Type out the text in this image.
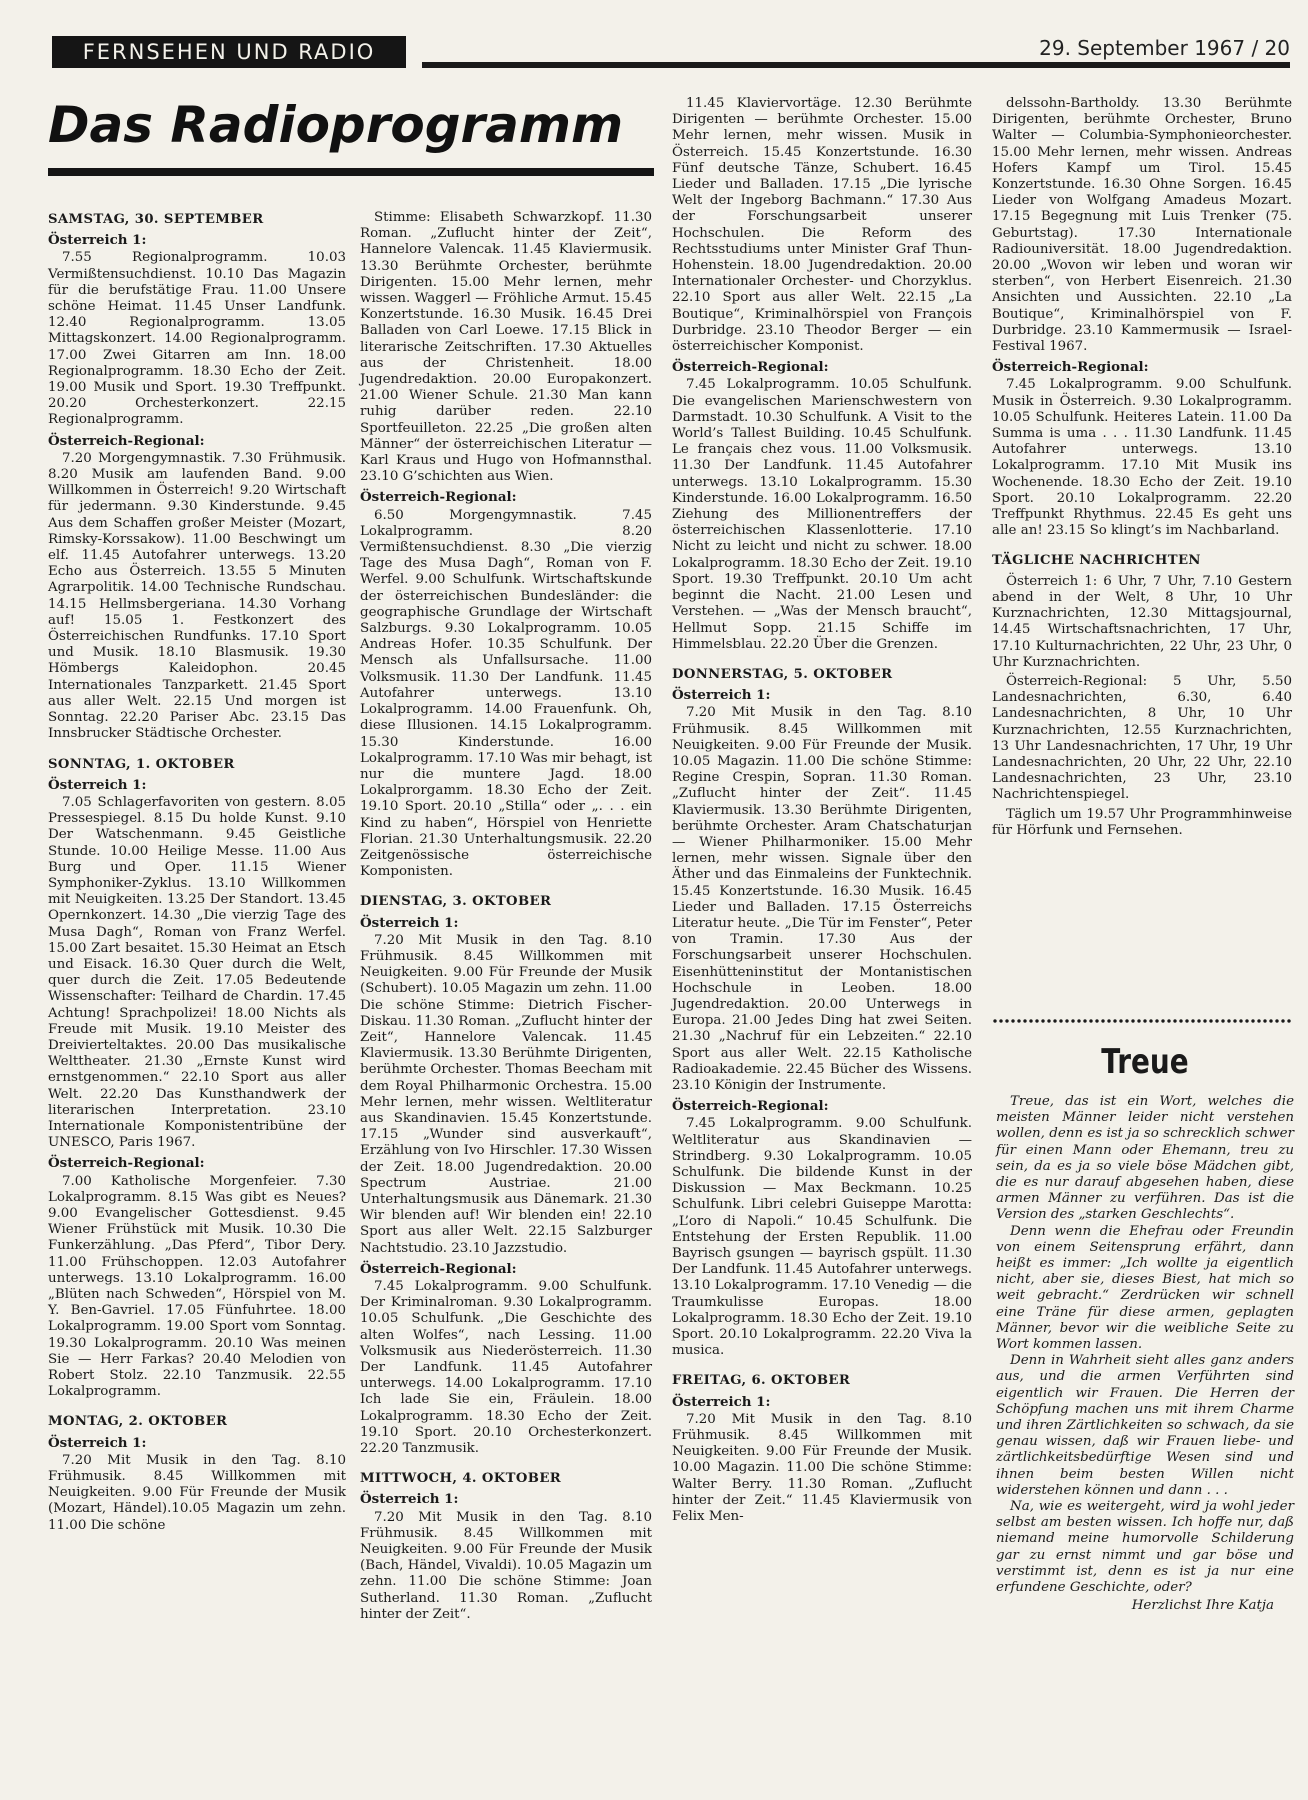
FERNSEHEN UND RADIO	29. September 1967 / 20
Das Radioprogramm
SAMSTAG, 30. SEPTEMBER
Österreich 1:

7.55 Regionalprogramm. 10.03 Vermißtensuchdienst. 10.10 Das Magazin für die berufstätige Frau. 11.00 Unsere schöne Heimat. 11.45 Unser Landfunk. 12.40 Regionalprogramm. 13.05 Mittagskonzert. 14.00 Regionalprogramm. 17.00 Zwei Gitarren am Inn. 18.00 Regionalprogramm. 18.30 Echo der Zeit. 19.00 Musik und Sport. 19.30 Treffpunkt. 20.20 Orchesterkonzert. 22.15 Regionalprogramm.

Österreich-Regional:

7.20 Morgengymnastik. 7.30 Frühmusik. 8.20 Musik am laufenden Band. 9.00 Willkommen in Österreich! 9.20 Wirtschaft für jedermann. 9.30 Kinderstunde. 9.45 Aus dem Schaffen großer Meister (Mozart, Rimsky-Korssakow). 11.00 Beschwingt um elf. 11.45 Autofahrer unterwegs. 13.20 Echo aus Österreich. 13.55 5 Minuten Agrarpolitik. 14.00 Technische Rundschau. 14.15 Hellmsbergeriana. 14.30 Vorhang auf! 15.05 1. Festkonzert des Österreichischen Rundfunks. 17.10 Sport und Musik. 18.10 Blasmusik. 19.30 Hömbergs Kaleidophon. 20.45 Internationales Tanzparkett. 21.45 Sport aus aller Welt. 22.15 Und morgen ist Sonntag. 22.20 Pariser Abc. 23.15 Das Innsbrucker Städtische Orchester.

SONNTAG, 1. OKTOBER
Österreich 1:

7.05 Schlagerfavoriten von gestern. 8.05 Pressespiegel. 8.15 Du holde Kunst. 9.10 Der Watschenmann. 9.45 Geistliche Stunde. 10.00 Heilige Messe. 11.00 Aus Burg und Oper. 11.15 Wiener Symphoniker-Zyklus. 13.10 Willkommen mit Neuigkeiten. 13.25 Der Standort. 13.45 Opernkonzert. 14.30 „Die vierzig Tage des Musa Dagh“, Roman von Franz Werfel. 15.00 Zart besaitet. 15.30 Heimat an Etsch und Eisack. 16.30 Quer durch die Welt, quer durch die Zeit. 17.05 Bedeutende Wissenschafter: Teilhard de Chardin. 17.45 Achtung! Sprachpolizei! 18.00 Nichts als Freude mit Musik. 19.10 Meister des Dreivierteltaktes. 20.00 Das musikalische Welttheater. 21.30 „Ernste Kunst wird ernstgenommen.“ 22.10 Sport aus aller Welt. 22.20 Das Kunsthandwerk der literarischen Interpretation. 23.10 Internationale Komponistentribüne der UNESCO, Paris 1967.

Österreich-Regional:

7.00 Katholische Morgenfeier. 7.30 Lokalprogramm. 8.15 Was gibt es Neues? 9.00 Evangelischer Gottesdienst. 9.45 Wiener Frühstück mit Musik. 10.30 Die Funkerzählung. „Das Pferd“, Tibor Dery. 11.00 Frühschoppen. 12.03 Autofahrer unterwegs. 13.10 Lokalprogramm. 16.00 „Blüten nach Schweden“, Hörspiel von M. Y. Ben-Gavriel. 17.05 Fünfuhrtee. 18.00 Lokalprogramm. 19.00 Sport vom Sonntag. 19.30 Lokalprogramm. 20.10 Was meinen Sie — Herr Farkas? 20.40 Melodien von Robert Stolz. 22.10 Tanzmusik. 22.55 Lokalprogramm.

MONTAG, 2. OKTOBER
Österreich 1:

7.20 Mit Musik in den Tag. 8.10 Frühmusik. 8.45 Willkommen mit Neuigkeiten. 9.00 Für Freunde der Musik (Mozart, Händel).10.05 Magazin um zehn. 11.00 Die schöne

Stimme: Elisabeth Schwarzkopf. 11.30 Roman. „Zuflucht hinter der Zeit“, Hannelore Valencak. 11.45 Klaviermusik. 13.30 Berühmte Orchester, berühmte Dirigenten. 15.00 Mehr lernen, mehr wissen. Waggerl — Fröhliche Armut. 15.45 Konzertstunde. 16.30 Musik. 16.45 Drei Balladen von Carl Loewe. 17.15 Blick in literarische Zeitschriften. 17.30 Aktuelles aus der Christenheit. 18.00 Jugendredaktion. 20.00 Europakonzert. 21.00 Wiener Schule. 21.30 Man kann ruhig darüber reden. 22.10 Sportfeuilleton. 22.25 „Die großen alten Männer“ der österreichischen Literatur — Karl Kraus und Hugo von Hofmannsthal. 23.10 G’schichten aus Wien.

Österreich-Regional:

6.50 Morgengymnastik. 7.45 Lokalprogramm. 8.20 Vermißtensuchdienst. 8.30 „Die vierzig Tage des Musa Dagh“, Roman von F. Werfel. 9.00 Schulfunk. Wirtschaftskunde der österreichischen Bundesländer: die geographische Grundlage der Wirtschaft Salzburgs. 9.30 Lokalprogramm. 10.05 Andreas Hofer. 10.35 Schulfunk. Der Mensch als Unfallsursache. 11.00 Volksmusik. 11.30 Der Landfunk. 11.45 Autofahrer unterwegs. 13.10 Lokalprogramm. 14.00 Frauenfunk. Oh, diese Illusionen. 14.15 Lokalprogramm. 15.30 Kinderstunde. 16.00 Lokalprogramm. 17.10 Was mir behagt, ist nur die muntere Jagd. 18.00 Lokalprorgamm. 18.30 Echo der Zeit. 19.10 Sport. 20.10 „Stilla“ oder „. . . ein Kind zu haben“, Hörspiel von Henriette Florian. 21.30 Unterhaltungsmusik. 22.20 Zeitgenössische österreichische Komponisten.

DIENSTAG, 3. OKTOBER
Österreich 1:

7.20 Mit Musik in den Tag. 8.10 Frühmusik. 8.45 Willkommen mit Neuigkeiten. 9.00 Für Freunde der Musik (Schubert). 10.05 Magazin um zehn. 11.00 Die schöne Stimme: Dietrich Fischer-Diskau. 11.30 Roman. „Zuflucht hinter der Zeit“, Hannelore Valencak. 11.45 Klaviermusik. 13.30 Berühmte Dirigenten, berühmte Orchester. Thomas Beecham mit dem Royal Philharmonic Orchestra. 15.00 Mehr lernen, mehr wissen. Weltliteratur aus Skandinavien. 15.45 Konzertstunde. 17.15 „Wunder sind ausverkauft“, Erzählung von Ivo Hirschler. 17.30 Wissen der Zeit. 18.00 Jugendredaktion. 20.00 Spectrum Austriae. 21.00 Unterhaltungsmusik aus Dänemark. 21.30 Wir blenden auf! Wir blenden ein! 22.10 Sport aus aller Welt. 22.15 Salzburger Nachtstudio. 23.10 Jazzstudio.

Österreich-Regional:

7.45 Lokalprogramm. 9.00 Schulfunk. Der Kriminalroman. 9.30 Lokalprogramm. 10.05 Schulfunk. „Die Geschichte des alten Wolfes“, nach Lessing. 11.00 Volksmusik aus Niederösterreich. 11.30 Der Landfunk. 11.45 Autofahrer unterwegs. 14.00 Lokalprogramm. 17.10 Ich lade Sie ein, Fräulein. 18.00 Lokalprogramm. 18.30 Echo der Zeit. 19.10 Sport. 20.10 Orchesterkonzert. 22.20 Tanzmusik.

MITTWOCH, 4. OKTOBER
Österreich 1:

7.20 Mit Musik in den Tag. 8.10 Frühmusik. 8.45 Willkommen mit Neuigkeiten. 9.00 Für Freunde der Musik (Bach, Händel, Vivaldi). 10.05 Magazin um zehn. 11.00 Die schöne Stimme: Joan Sutherland. 11.30 Roman. „Zuflucht hinter der Zeit“.

11.45 Klaviervortäge. 12.30 Berühmte Dirigenten — berühmte Orchester. 15.00 Mehr lernen, mehr wissen. Musik in Österreich. 15.45 Konzertstunde. 16.30 Fünf deutsche Tänze, Schubert. 16.45 Lieder und Balladen. 17.15 „Die lyrische Welt der Ingeborg Bachmann.“ 17.30 Aus der Forschungsarbeit unserer Hochschulen. Die Reform des Rechtsstudiums unter Minister Graf Thun-Hohenstein. 18.00 Jugendredaktion. 20.00 Internationaler Orchester- und Chorzyklus. 22.10 Sport aus aller Welt. 22.15 „La Boutique“, Kriminalhörspiel von François Durbridge. 23.10 Theodor Berger — ein österreichischer Komponist.

Österreich-Regional:

7.45 Lokalprogramm. 10.05 Schulfunk. Die evangelischen Marienschwestern von Darmstadt. 10.30 Schulfunk. A Visit to the World’s Tallest Building. 10.45 Schulfunk. Le français chez vous. 11.00 Volksmusik. 11.30 Der Landfunk. 11.45 Autofahrer unterwegs. 13.10 Lokalprogramm. 15.30 Kinderstunde. 16.00 Lokalprogramm. 16.50 Ziehung des Millionentreffers der österreichischen Klassenlotterie. 17.10 Nicht zu leicht und nicht zu schwer. 18.00 Lokalprogramm. 18.30 Echo der Zeit. 19.10 Sport. 19.30 Treffpunkt. 20.10 Um acht beginnt die Nacht. 21.00 Lesen und Verstehen. — „Was der Mensch braucht“, Hellmut Sopp. 21.15 Schiffe im Himmelsblau. 22.20 Über die Grenzen.

DONNERSTAG, 5. OKTOBER
Österreich 1:

7.20 Mit Musik in den Tag. 8.10 Frühmusik. 8.45 Willkommen mit Neuigkeiten. 9.00 Für Freunde der Musik. 10.05 Magazin. 11.00 Die schöne Stimme: Regine Crespin, Sopran. 11.30 Roman. „Zuflucht hinter der Zeit“. 11.45 Klaviermusik. 13.30 Berühmte Dirigenten, berühmte Orchester. Aram Chatschaturjan — Wiener Philharmoniker. 15.00 Mehr lernen, mehr wissen. Signale über den Äther und das Einmaleins der Funktechnik. 15.45 Konzertstunde. 16.30 Musik. 16.45 Lieder und Balladen. 17.15 Österreichs Literatur heute. „Die Tür im Fenster“, Peter von Tramin. 17.30 Aus der Forschungsarbeit unserer Hochschulen. Eisenhütteninstitut der Montanistischen Hochschule in Leoben. 18.00 Jugendredaktion. 20.00 Unterwegs in Europa. 21.00 Jedes Ding hat zwei Seiten. 21.30 „Nachruf für ein Lebzeiten.“ 22.10 Sport aus aller Welt. 22.15 Katholische Radioakademie. 22.45 Bücher des Wissens. 23.10 Königin der Instrumente.

Österreich-Regional:

7.45 Lokalprogramm. 9.00 Schulfunk. Weltliteratur aus Skandinavien — Strindberg. 9.30 Lokalprogramm. 10.05 Schulfunk. Die bildende Kunst in der Diskussion — Max Beckmann. 10.25 Schulfunk. Libri celebri Guiseppe Marotta: „L’oro di Napoli.“ 10.45 Schulfunk. Die Entstehung der Ersten Republik. 11.00 Bayrisch gsungen — bayrisch gspült. 11.30 Der Landfunk. 11.45 Autofahrer unterwegs. 13.10 Lokalprogramm. 17.10 Venedig — die Traumkulisse Europas. 18.00 Lokalprogramm. 18.30 Echo der Zeit. 19.10 Sport. 20.10 Lokalprogramm. 22.20 Viva la musica.

FREITAG, 6. OKTOBER
Österreich 1:

7.20 Mit Musik in den Tag. 8.10 Frühmusik. 8.45 Willkommen mit Neuigkeiten. 9.00 Für Freunde der Musik. 10.00 Magazin. 11.00 Die schöne Stimme: Walter Berry. 11.30 Roman. „Zuflucht hinter der Zeit.“ 11.45 Klaviermusik von Felix Men-

delssohn-Bartholdy. 13.30 Berühmte Dirigenten, berühmte Orchester, Bruno Walter — Columbia-Symphonieorchester. 15.00 Mehr lernen, mehr wissen. Andreas Hofers Kampf um Tirol. 15.45 Konzertstunde. 16.30 Ohne Sorgen. 16.45 Lieder von Wolfgang Amadeus Mozart. 17.15 Begegnung mit Luis Trenker (75. Geburtstag). 17.30 Internationale Radiouniversität. 18.00 Jugendredaktion. 20.00 „Wovon wir leben und woran wir sterben“, von Herbert Eisenreich. 21.30 Ansichten und Aussichten. 22.10 „La Boutique“, Kriminalhörspiel von F. Durbridge. 23.10 Kammermusik — Israel-Festival 1967.

Österreich-Regional:

7.45 Lokalprogramm. 9.00 Schulfunk. Musik in Österreich. 9.30 Lokalprogramm. 10.05 Schulfunk. Heiteres Latein. 11.00 Da Summa is uma . . . 11.30 Landfunk. 11.45 Autofahrer unterwegs. 13.10 Lokalprogramm. 17.10 Mit Musik ins Wochenende. 18.30 Echo der Zeit. 19.10 Sport. 20.10 Lokalprogramm. 22.20 Treffpunkt Rhythmus. 22.45 Es geht uns alle an! 23.15 So klingt’s im Nachbarland.

TÄGLICHE NACHRICHTEN

Österreich 1: 6 Uhr, 7 Uhr, 7.10 Gestern abend in der Welt, 8 Uhr, 10 Uhr Kurznachrichten, 12.30 Mittagsjournal, 14.45 Wirtschaftsnachrichten, 17 Uhr, 17.10 Kulturnachrichten, 22 Uhr, 23 Uhr, 0 Uhr Kurznachrichten.

Österreich-Regional: 5 Uhr, 5.50 Landesnachrichten, 6.30, 6.40 Landesnachrichten, 8 Uhr, 10 Uhr Kurznachrichten, 12.55 Kurznachrichten, 13 Uhr Landesnachrichten, 17 Uhr, 19 Uhr Landesnachrichten, 20 Uhr, 22 Uhr, 22.10 Landesnachrichten, 23 Uhr, 23.10 Nachrichtenspiegel.

Täglich um 19.57 Uhr Programmhinweise für Hörfunk und Fernsehen.

Treue

Treue, das ist ein Wort, welches die meisten Männer leider nicht verstehen wollen, denn es ist ja so schrecklich schwer für einen Mann oder Ehemann, treu zu sein, da es ja so viele böse Mädchen gibt, die es nur darauf abgesehen haben, diese armen Männer zu verführen. Das ist die Version des „starken Geschlechts“.

Denn wenn die Ehefrau oder Freundin von einem Seitensprung erfährt, dann heißt es immer: „Ich wollte ja eigentlich nicht, aber sie, dieses Biest, hat mich so weit gebracht.“ Zerdrücken wir schnell eine Träne für diese armen, geplagten Männer, bevor wir die weibliche Seite zu Wort kommen lassen.

Denn in Wahrheit sieht alles ganz anders aus, und die armen Verführten sind eigentlich wir Frauen. Die Herren der Schöpfung machen uns mit ihrem Charme und ihren Zärtlichkeiten so schwach, da sie genau wissen, daß wir Frauen liebe- und zärtlichkeitsbedürftige Wesen sind und ihnen beim besten Willen nicht widerstehen können und dann . . .

Na, wie es weitergeht, wird ja wohl jeder selbst am besten wissen. Ich hoffe nur, daß niemand meine humorvolle Schilderung gar zu ernst nimmt und gar böse und verstimmt ist, denn es ist ja nur eine erfundene Geschichte, oder?

Herzlichst Ihre Katja
